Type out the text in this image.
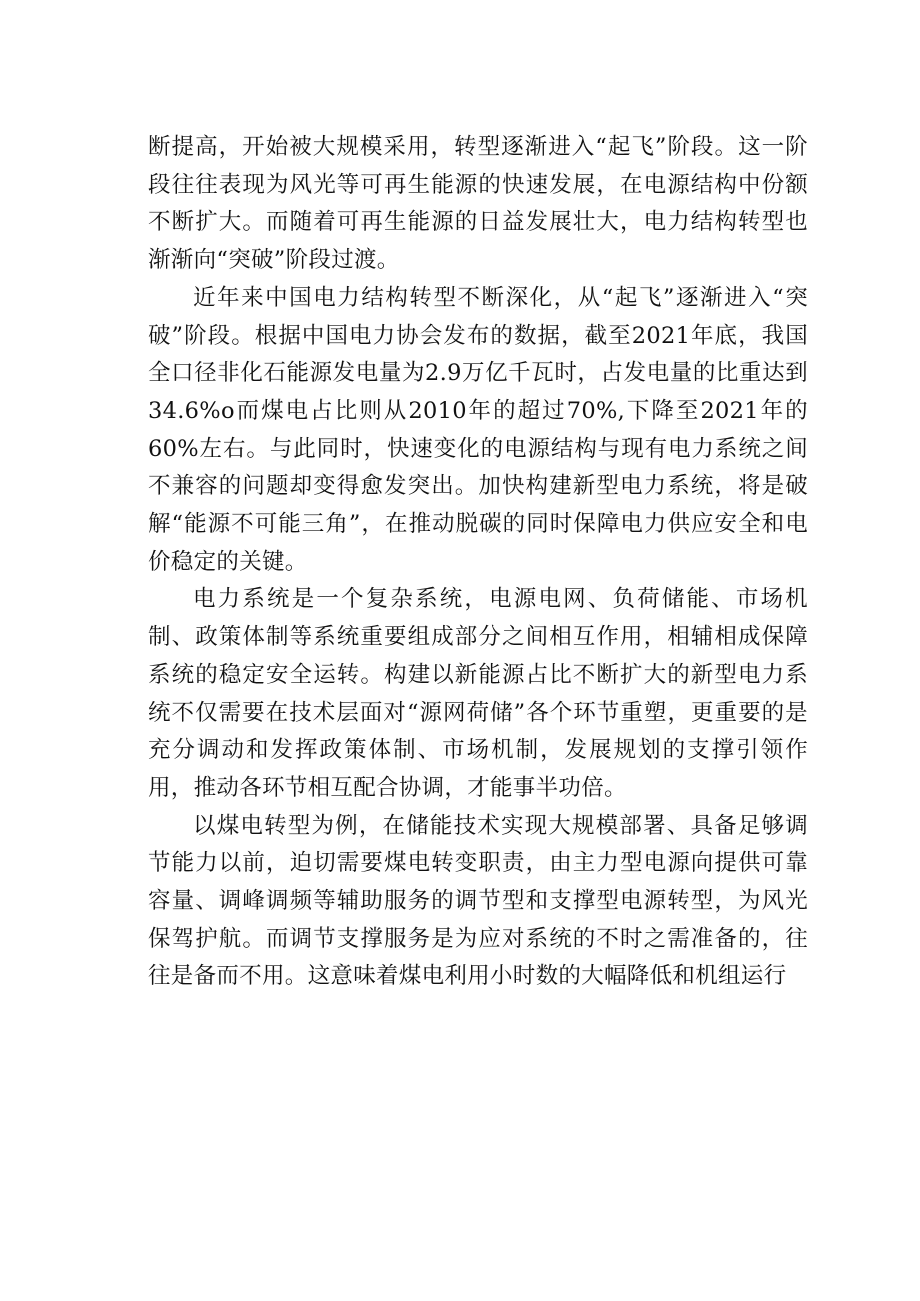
断提高，开始被大规模采用，转型逐渐进入“起飞”阶段。这一阶段往往表现为风光等可再生能源的快速发展，在电源结构中份额不断扩大。而随着可再生能源的日益发展壮大，电力结构转型也渐渐向“突破”阶段过渡。

近年来中国电力结构转型不断深化，从“起飞”逐渐进入“突破”阶段。根据中国电力协会发布的数据，截至2021年底，我国全口径非化石能源发电量为2.9万亿千瓦时，占发电量的比重达到34.6%o而煤电占比则从2010年的超过70%,下降至2021年的60%左右。与此同时，快速变化的电源结构与现有电力系统之间不兼容的问题却变得愈发突出。加快构建新型电力系统，将是破解“能源不可能三角”，在推动脱碳的同时保障电力供应安全和电价稳定的关键。

电力系统是一个复杂系统，电源电网、负荷储能、市场机制、政策体制等系统重要组成部分之间相互作用，相辅相成保障系统的稳定安全运转。构建以新能源占比不断扩大的新型电力系统不仅需要在技术层面对“源网荷储”各个环节重塑，更重要的是充分调动和发挥政策体制、市场机制，发展规划的支撑引领作用，推动各环节相互配合协调，才能事半功倍。

以煤电转型为例，在储能技术实现大规模部署、具备足够调节能力以前，迫切需要煤电转变职责，由主力型电源向提供可靠容量、调峰调频等辅助服务的调节型和支撑型电源转型，为风光保驾护航。而调节支撑服务是为应对系统的不时之需准备的，往往是备而不用。这意味着煤电利用小时数的大幅降低和机组运行
